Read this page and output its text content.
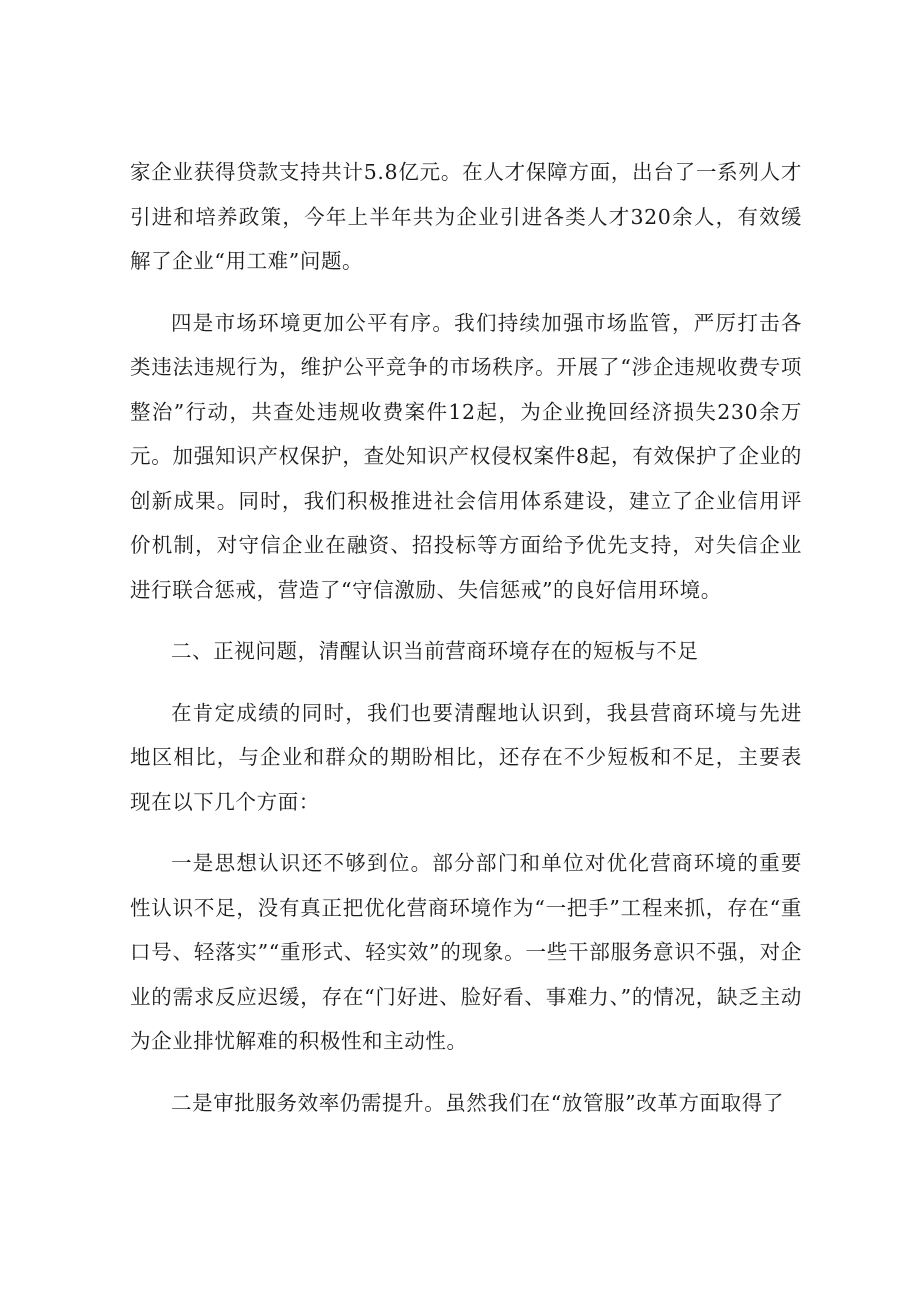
家企业获得贷款支持共计5.8亿元。在人才保障方面，出台了一系列人才引进和培养政策，今年上半年共为企业引进各类人才320余人，有效缓解了企业“用工难”问题。

四是市场环境更加公平有序。我们持续加强市场监管，严厉打击各类违法违规行为，维护公平竞争的市场秩序。开展了“涉企违规收费专项整治”行动，共查处违规收费案件12起，为企业挽回经济损失230余万元。加强知识产权保护，查处知识产权侵权案件8起，有效保护了企业的创新成果。同时，我们积极推进社会信用体系建设，建立了企业信用评价机制，对守信企业在融资、招投标等方面给予优先支持，对失信企业进行联合惩戒，营造了“守信激励、失信惩戒”的良好信用环境。

二、正视问题，清醒认识当前营商环境存在的短板与不足

在肯定成绩的同时，我们也要清醒地认识到，我县营商环境与先进地区相比，与企业和群众的期盼相比，还存在不少短板和不足，主要表现在以下几个方面：

一是思想认识还不够到位。部分部门和单位对优化营商环境的重要性认识不足，没有真正把优化营商环境作为“一把手”工程来抓，存在“重口号、轻落实”“重形式、轻实效”的现象。一些干部服务意识不强，对企业的需求反应迟缓，存在“门好进、脸好看、事难力、”的情况，缺乏主动为企业排忧解难的积极性和主动性。

二是审批服务效率仍需提升。虽然我们在“放管服”改革方面取得了
